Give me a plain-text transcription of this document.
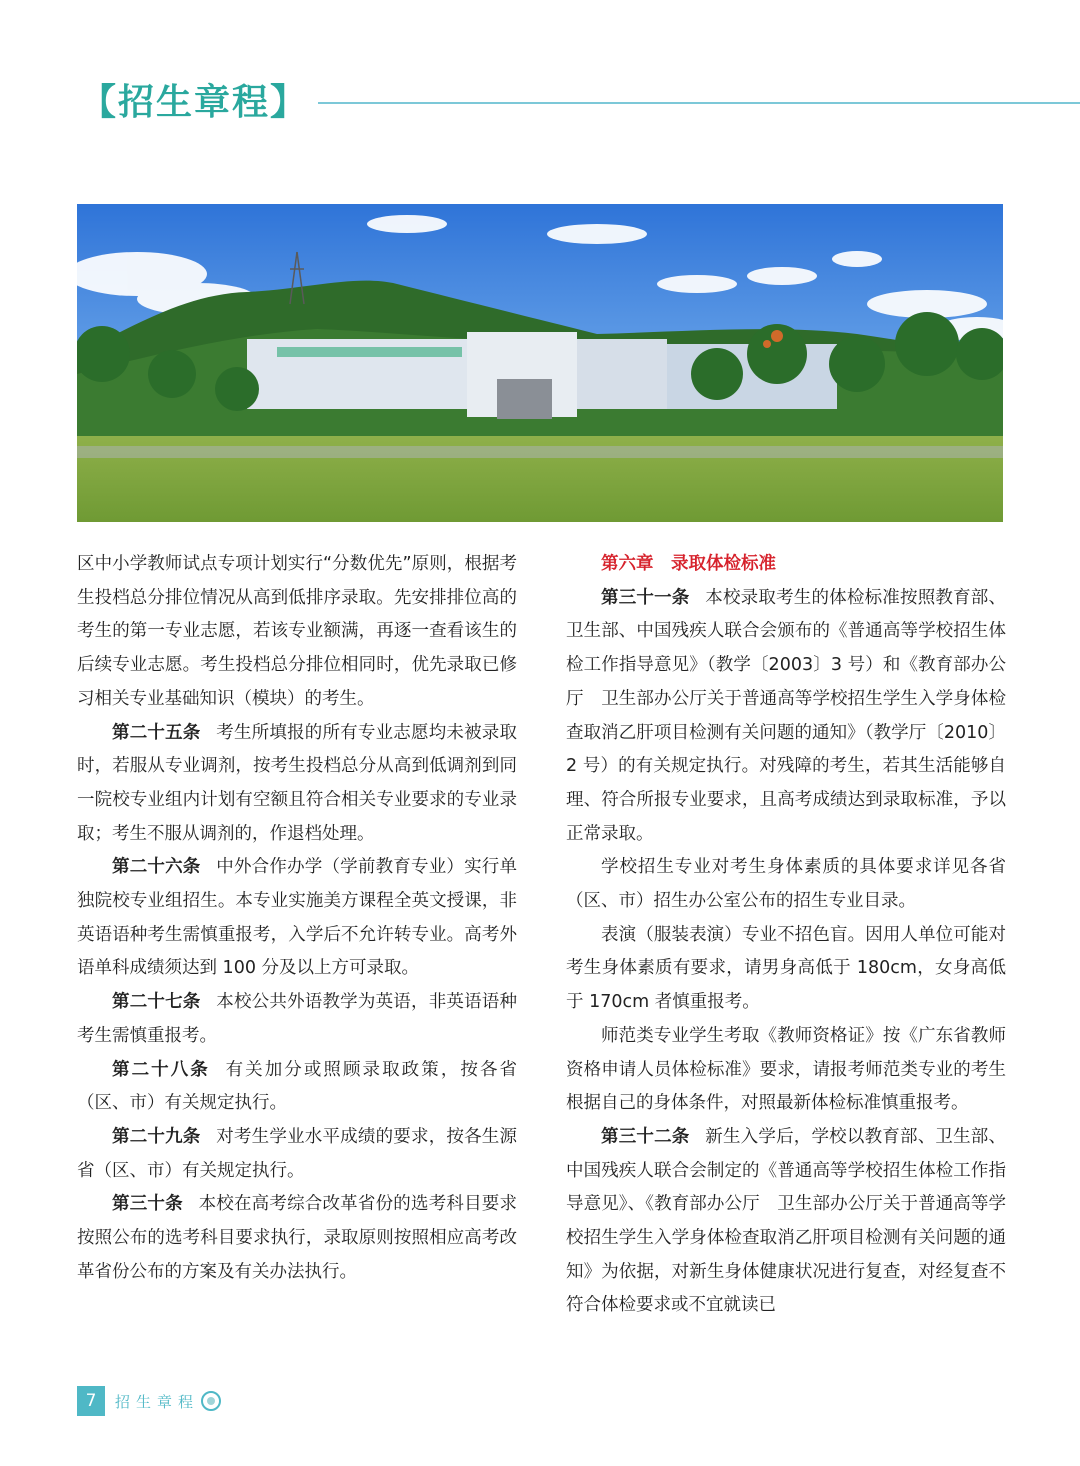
【招生章程】

区中小学教师试点专项计划实行“分数优先”原则，根据考生投档总分排位情况从高到低排序录取。先安排排位高的考生的第一专业志愿，若该专业额满，再逐一查看该生的后续专业志愿。考生投档总分排位相同时，优先录取已修习相关专业基础知识（模块）的考生。

第二十五条 考生所填报的所有专业志愿均未被录取时，若服从专业调剂，按考生投档总分从高到低调剂到同一院校专业组内计划有空额且符合相关专业要求的专业录取；考生不服从调剂的，作退档处理。

第二十六条 中外合作办学（学前教育专业）实行单独院校专业组招生。本专业实施美方课程全英文授课，非英语语种考生需慎重报考，入学后不允许转专业。高考外语单科成绩须达到 100 分及以上方可录取。

第二十七条 本校公共外语教学为英语，非英语语种考生需慎重报考。

第二十八条 有关加分或照顾录取政策，按各省（区、市）有关规定执行。

第二十九条 对考生学业水平成绩的要求，按各生源省（区、市）有关规定执行。

第三十条 本校在高考综合改革省份的选考科目要求按照公布的选考科目要求执行，录取原则按照相应高考改革省份公布的方案及有关办法执行。

第六章 录取体检标准

第三十一条 本校录取考生的体检标准按照教育部、卫生部、中国残疾人联合会颁布的《普通高等学校招生体检工作指导意见》（教学〔2003〕3 号）和《教育部办公厅　卫生部办公厅关于普通高等学校招生学生入学身体检查取消乙肝项目检测有关问题的通知》（教学厅〔2010〕2 号）的有关规定执行。对残障的考生，若其生活能够自理、符合所报专业要求，且高考成绩达到录取标准，予以正常录取。

学校招生专业对考生身体素质的具体要求详见各省（区、市）招生办公室公布的招生专业目录。

表演（服装表演）专业不招色盲。因用人单位可能对考生身体素质有要求，请男身高低于 180cm，女身高低于 170cm 者慎重报考。

师范类专业学生考取《教师资格证》按《广东省教师资格申请人员体检标准》要求，请报考师范类专业的考生根据自己的身体条件，对照最新体检标准慎重报考。

第三十二条 新生入学后，学校以教育部、卫生部、中国残疾人联合会制定的《普通高等学校招生体检工作指导意见》、《教育部办公厅　卫生部办公厅关于普通高等学校招生学生入学身体检查取消乙肝项目检测有关问题的通知》为依据，对新生身体健康状况进行复查，对经复查不符合体检要求或不宜就读已

7	招生章程
